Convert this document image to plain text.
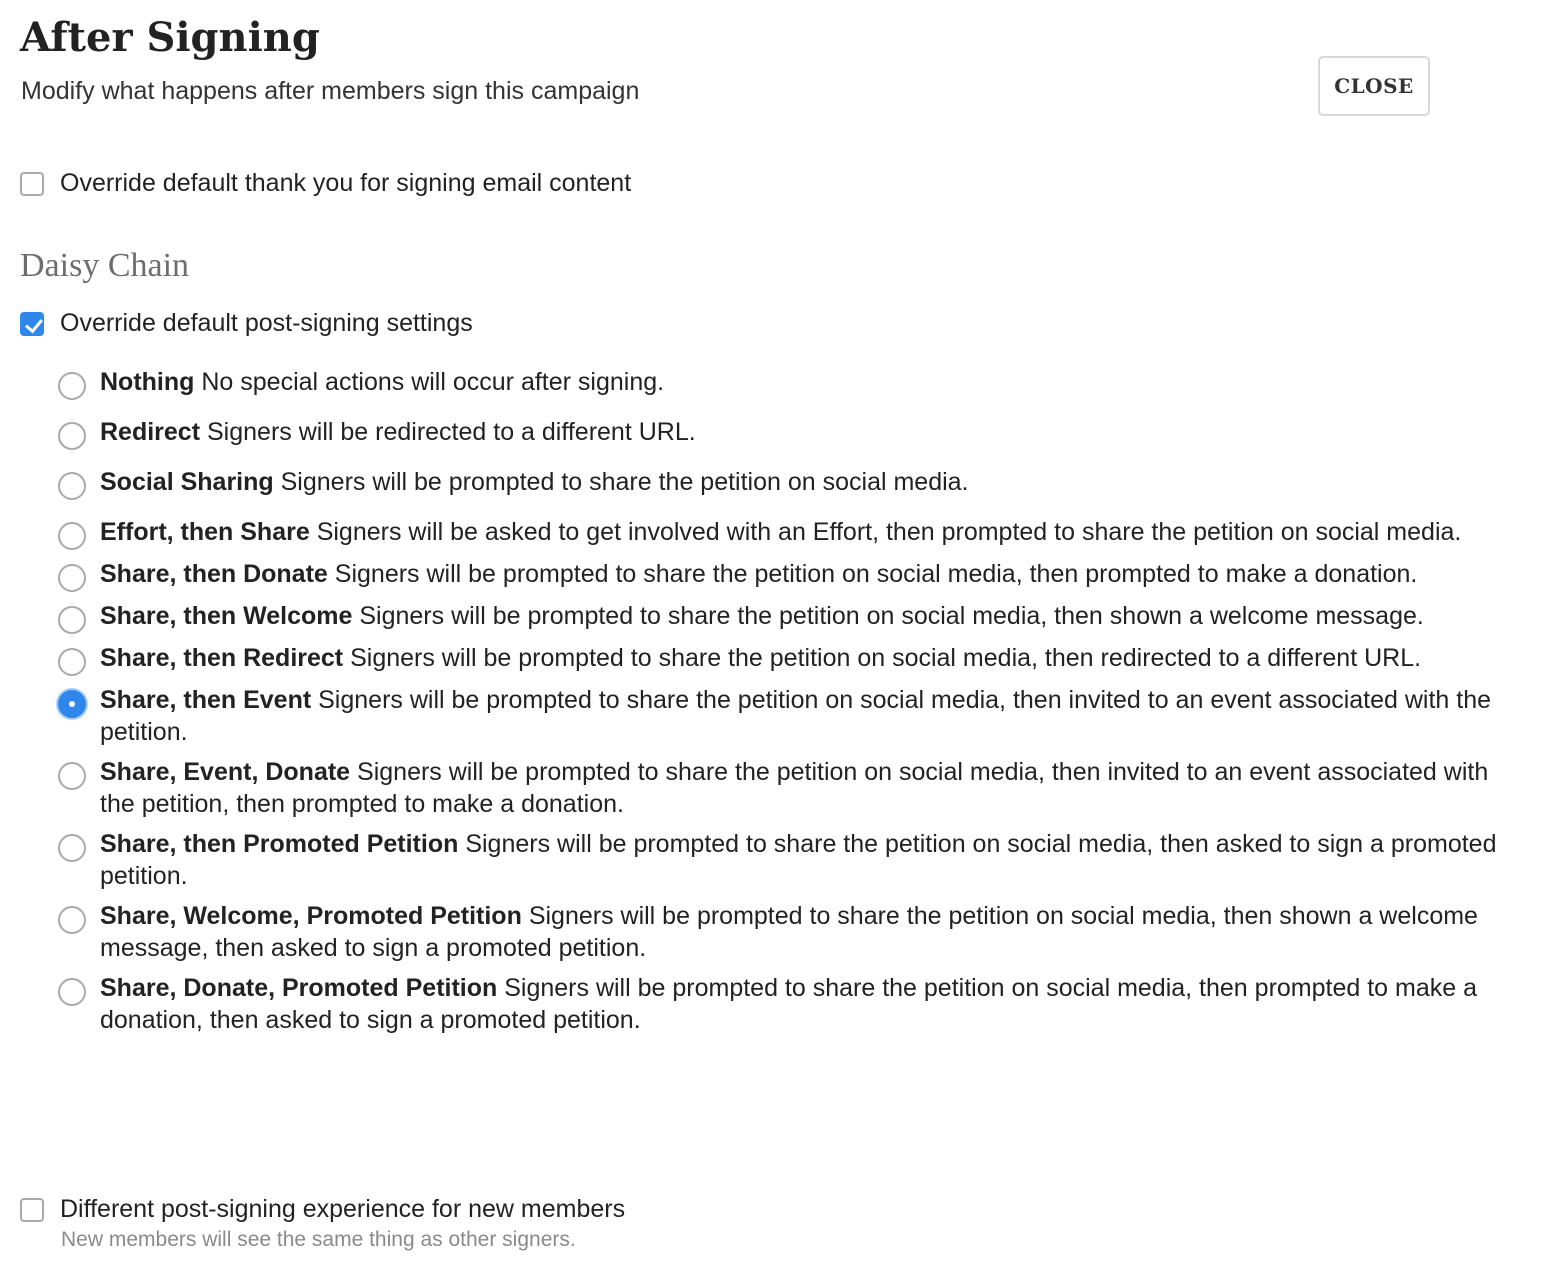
After Signing

Modify what happens after members sign this campaign	CLOSE
Override default thank you for signing email content
Daisy Chain
Override default post-signing settings
Nothing No special actions will occur after signing.
Redirect Signers will be redirected to a different URL.
Social Sharing Signers will be prompted to share the petition on social media.
Effort, then Share Signers will be asked to get involved with an Effort, then prompted to share the petition on social media.
Share, then Donate Signers will be prompted to share the petition on social media, then prompted to make a donation.
Share, then Welcome Signers will be prompted to share the petition on social media, then shown a welcome message.
Share, then Redirect Signers will be prompted to share the petition on social media, then redirected to a different URL.
Share, then Event Signers will be prompted to share the petition on social media, then invited to an event associated with the petition.
Share, Event, Donate Signers will be prompted to share the petition on social media, then invited to an event associated with the petition, then prompted to make a donation.
Share, then Promoted Petition Signers will be prompted to share the petition on social media, then asked to sign a promoted petition.
Share, Welcome, Promoted Petition Signers will be prompted to share the petition on social media, then shown a welcome message, then asked to sign a promoted petition.
Share, Donate, Promoted Petition Signers will be prompted to share the petition on social media, then prompted to make a donation, then asked to sign a promoted petition.
Different post-signing experience for new members

New members will see the same thing as other signers.
